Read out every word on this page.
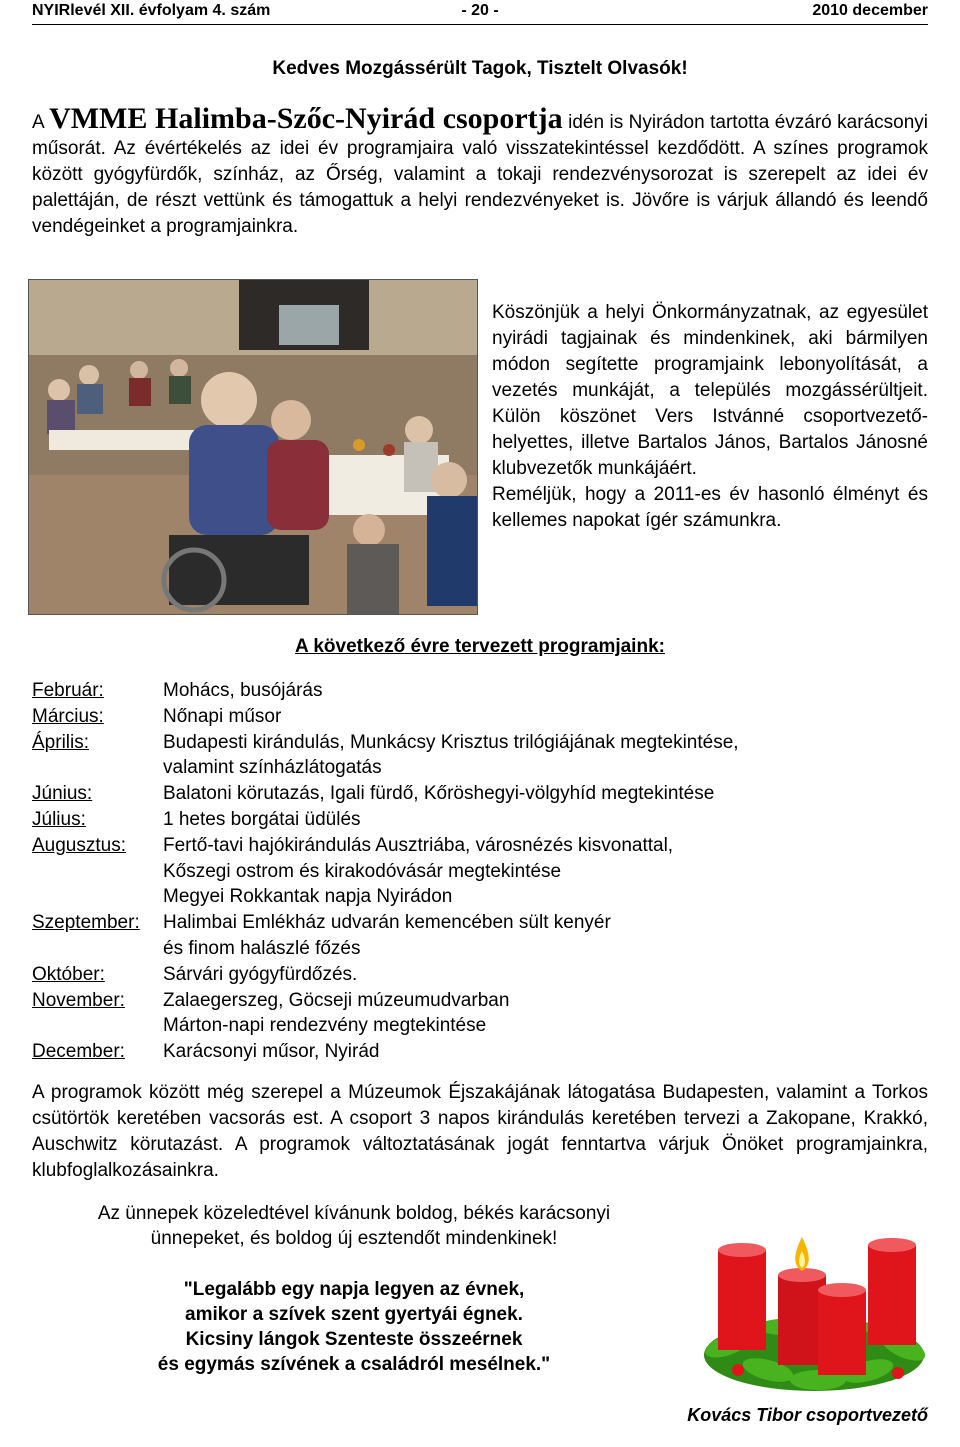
NYIRlevél XII. évfolyam 4. szám	- 20 -	2010 december
Kedves Mozgássérült Tagok, Tisztelt Olvasók!
A VMME Halimba-Szőc-Nyirád csoportja idén is Nyirádon tartotta évzáró karácsonyi műsorát. Az évértékelés az idei év programjaira való visszatekintéssel kezdődött. A színes programok között gyógyfürdők, színház, az Őrség, valamint a tokaji rendezvénysorozat is szerepelt az idei év palettáján, de részt vettünk és támogattuk a helyi rendezvényeket is. Jövőre is várjuk állandó és leendő vendégeinket a programjainkra.

Köszönjük a helyi Önkormányzatnak, az egyesület nyirádi tagjainak és mindenkinek, aki bármilyen módon segítette programjaink lebonyolítását, a vezetés munkáját, a település mozgássérültjeit. Külön köszönet Vers Istvánné csoportvezető-helyettes, illetve Bartalos János, Bartalos Jánosné klubvezetők munkájáért.

Reméljük, hogy a 2011-es év hasonló élményt és kellemes napokat ígér számunkra.

A következő évre tervezett programjaink:
Február:	Mohács, busójárás
Március:	Nőnapi műsor
Április:	Budapesti kirándulás, Munkácsy Krisztus trilógiájának megtekintése,
valamint színházlátogatás
Június:	Balatoni körutazás, Igali fürdő, Kőröshegyi-völgyhíd megtekintése
Július:	1 hetes borgátai üdülés
Augusztus:	Fertő-tavi hajókirándulás Ausztriába, városnézés kisvonattal,
Kőszegi ostrom és kirakodóvásár megtekintése
Megyei Rokkantak napja Nyirádon
Szeptember:	Halimbai Emlékház udvarán kemencében sült kenyér
és finom halászlé főzés
Október:	Sárvári gyógyfürdőzés.
November:	Zalaegerszeg, Göcseji múzeumudvarban
Márton-napi rendezvény megtekintése
December:	Karácsonyi műsor, Nyirád
A programok között még szerepel a Múzeumok Éjszakájának látogatása Budapesten, valamint a Torkos csütörtök keretében vacsorás est. A csoport 3 napos kirándulás keretében tervezi a Zakopane, Krakkó, Auschwitz körutazást. A programok változtatásának jogát fenntartva várjuk Önöket programjainkra, klubfoglalkozásainkra.
Az ünnepek közeledtével kívánunk boldog, békés karácsonyi
ünnepeket, és boldog új esztendőt mindenkinek!
"Legalább egy napja legyen az évnek,
amikor a szívek szent gyertyái égnek.
Kicsiny lángok Szenteste összeérnek
és egymás szívének a családról mesélnek."
Kovács Tibor csoportvezető
